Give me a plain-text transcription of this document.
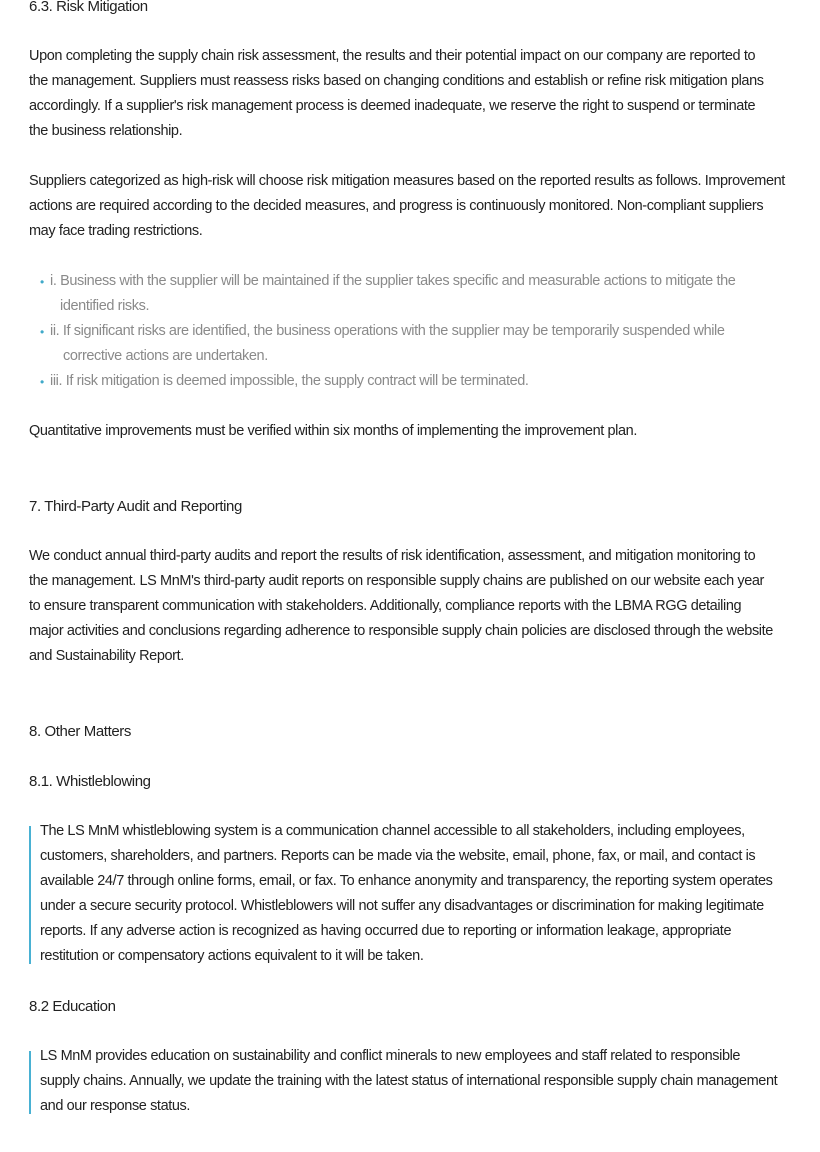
6.3. Risk Mitigation
Upon completing the supply chain risk assessment, the results and their potential impact on our company are reported to
the management. Suppliers must reassess risks based on changing conditions and establish or refine risk mitigation plans
accordingly. If a supplier's risk management process is deemed inadequate, we reserve the right to suspend or terminate
the business relationship.
Suppliers categorized as high-risk will choose risk mitigation measures based on the reported results as follows. Improvement
actions are required according to the decided measures, and progress is continuously monitored. Non-compliant suppliers
may face trading restrictions.
• i. Business with the supplier will be maintained if the supplier takes specific and measurable actions to mitigate the
identified risks.
• ii. If significant risks are identified, the business operations with the supplier may be temporarily suspended while
corrective actions are undertaken.
• iii. If risk mitigation is deemed impossible, the supply contract will be terminated.
Quantitative improvements must be verified within six months of implementing the improvement plan.
7. Third-Party Audit and Reporting
We conduct annual third-party audits and report the results of risk identification, assessment, and mitigation monitoring to
the management. LS MnM's third-party audit reports on responsible supply chains are published on our website each year
to ensure transparent communication with stakeholders. Additionally, compliance reports with the LBMA RGG detailing
major activities and conclusions regarding adherence to responsible supply chain policies are disclosed through the website
and Sustainability Report.
8. Other Matters
8.1. Whistleblowing
The LS MnM whistleblowing system is a communication channel accessible to all stakeholders, including employees,
customers, shareholders, and partners. Reports can be made via the website, email, phone, fax, or mail, and contact is
available 24/7 through online forms, email, or fax. To enhance anonymity and transparency, the reporting system operates
under a secure security protocol. Whistleblowers will not suffer any disadvantages or discrimination for making legitimate
reports. If any adverse action is recognized as having occurred due to reporting or information leakage, appropriate
restitution or compensatory actions equivalent to it will be taken.
8.2 Education
LS MnM provides education on sustainability and conflict minerals to new employees and staff related to responsible
supply chains. Annually, we update the training with the latest status of international responsible supply chain management
and our response status.
